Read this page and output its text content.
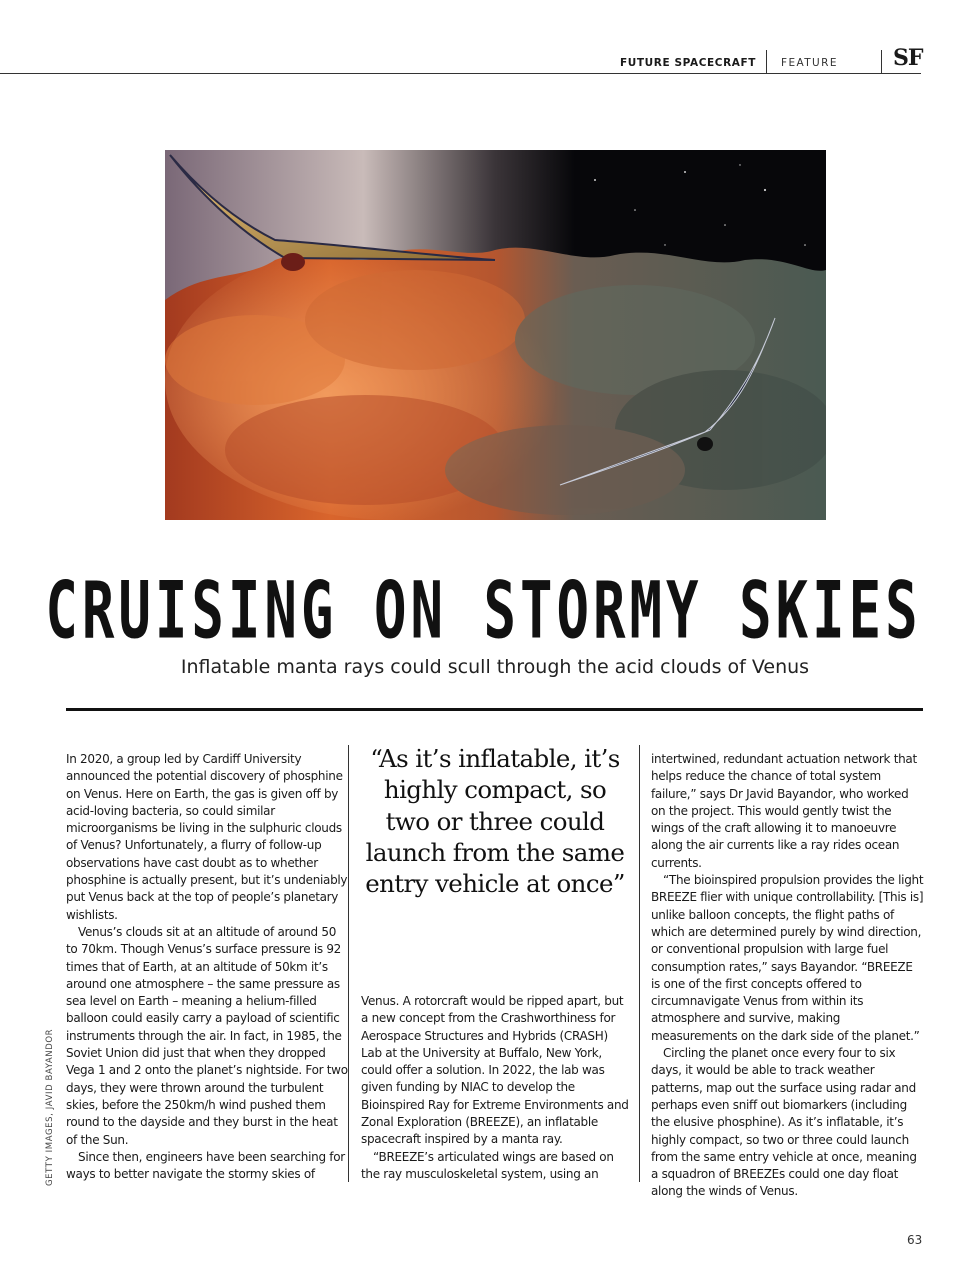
FUTURE SPACECRAFT FEATURE	SF
CRUISING ON STORMY SKIES
Inflatable manta rays could scull through the acid clouds of Venus

In 2020, a group led by Cardiff University announced the potential discovery of phosphine on Venus. Here on Earth, the gas is given off by acid-loving bacteria, so could similar microorganisms be living in the sulphuric clouds of Venus? Unfortunately, a flurry of follow-up observations have cast doubt as to whether phosphine is actually present, but it’s undeniably put Venus back at the top of people’s planetary wishlists.

Venus’s clouds sit at an altitude of around 50 to 70km. Though Venus’s surface pressure is 92 times that of Earth, at an altitude of 50km it’s around one atmosphere – the same pressure as sea level on Earth – meaning a helium-filled balloon could easily carry a payload of scientific instruments through the air. In fact, in 1985, the Soviet Union did just that when they dropped Vega 1 and 2 onto the planet’s nightside. For two days, they were thrown around the turbulent skies, before the 250km/h wind pushed them round to the dayside and they burst in the heat of the Sun.

Since then, engineers have been searching for ways to better navigate the stormy skies of

“As it’s inflatable, it’s highly compact, so two or three could launch from the same entry vehicle at once”

Venus. A rotorcraft would be ripped apart, but a new concept from the Crashworthiness for Aerospace Structures and Hybrids (CRASH) Lab at the University at Buffalo, New York, could offer a solution. In 2022, the lab was given funding by NIAC to develop the Bioinspired Ray for Extreme Environments and Zonal Exploration (BREEZE), an inflatable spacecraft inspired by a manta ray.

“BREEZE’s articulated wings are based on the ray musculoskeletal system, using an

intertwined, redundant actuation network that helps reduce the chance of total system failure,” says Dr Javid Bayandor, who worked on the project. This would gently twist the wings of the craft allowing it to manoeuvre along the air currents like a ray rides ocean currents.

“The bioinspired propulsion provides the light BREEZE flier with unique controllability. [This is] unlike balloon concepts, the flight paths of which are determined purely by wind direction, or conventional propulsion with large fuel consumption rates,” says Bayandor. “BREEZE is one of the first concepts offered to circumnavigate Venus from within its atmosphere and survive, making measurements on the dark side of the planet.”

Circling the planet once every four to six days, it would be able to track weather patterns, map out the surface using radar and perhaps even sniff out biomarkers (including the elusive phosphine). As it’s inflatable, it’s highly compact, so two or three could launch from the same entry vehicle at once, meaning a squadron of BREEZEs could one day float along the winds of Venus.

GETTY IMAGES, JAVID BAYANDOR
63
